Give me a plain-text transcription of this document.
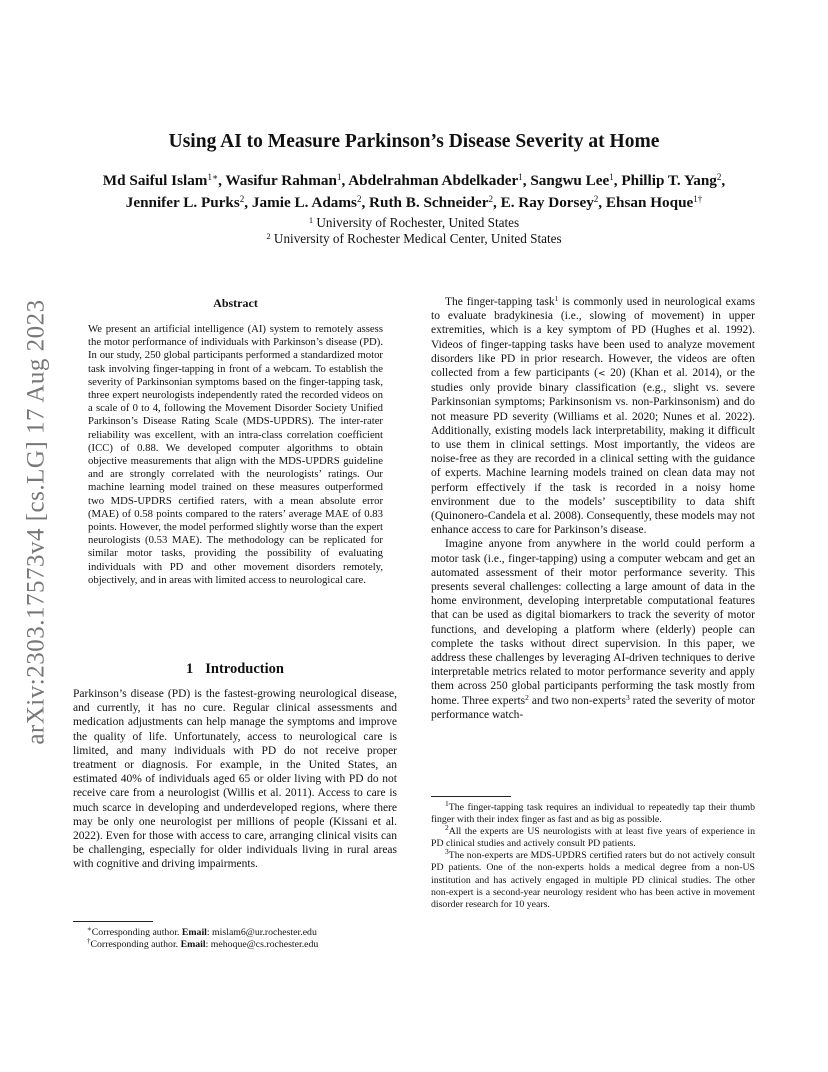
arXiv:2303.17573v4 [cs.LG] 17 Aug 2023
Using AI to Measure Parkinson’s Disease Severity at Home
Md Saiful Islam$^{1∗}$, Wasifur Rahman$^1$, Abdelrahman Abdelkader$^1$, Sangwu Lee$^1$, Phillip T. Yang$^2$,
Jennifer L. Purks$^2$, Jamie L. Adams$^2$, Ruth B. Schneider$^2$, E. Ray Dorsey$^2$, Ehsan Hoque$^{1\dagger}$

$^1$ University of Rochester, United States

$^2$ University of Rochester Medical Center, United States

Abstract

We present an artificial intelligence (AI) system to remotely assess the motor performance of individuals with Parkinson’s disease (PD). In our study, 250 global participants performed a standardized motor task involving finger-tapping in front of a webcam. To establish the severity of Parkinsonian symptoms based on the finger-tapping task, three expert neurologists independently rated the recorded videos on a scale of 0 to 4, following the Movement Disorder Society Unified Parkinson’s Disease Rating Scale (MDS-UPDRS). The inter-rater reliability was excellent, with an intra-class correlation coefficient (ICC) of 0.88. We developed computer algorithms to obtain objective measurements that align with the MDS-UPDRS guideline and are strongly correlated with the neurologists’ ratings. Our machine learning model trained on these measures outperformed two MDS-UPDRS certified raters, with a mean absolute error (MAE) of 0.58 points compared to the raters’ average MAE of 0.83 points. However, the model performed slightly worse than the expert neurologists (0.53 MAE). The methodology can be replicated for similar motor tasks, providing the possibility of evaluating individuals with PD and other movement disorders remotely, objectively, and in areas with limited access to neurological care.

1 Introduction

Parkinson’s disease (PD) is the fastest-growing neurological disease, and currently, it has no cure. Regular clinical assessments and medication adjustments can help manage the symptoms and improve the quality of life. Unfortunately, access to neurological care is limited, and many individuals with PD do not receive proper treatment or diagnosis. For example, in the United States, an estimated 40% of individuals aged 65 or older living with PD do not receive care from a neurologist (Willis et al. 2011). Access to care is much scarce in developing and underdeveloped regions, where there may be only one neurologist per millions of people (Kissani et al. 2022). Even for those with access to care, arranging clinical visits can be challenging, especially for older individuals living in rural areas with cognitive and driving impairments.

∗Corresponding author. Email: mislam6@ur.rochester.edu

†Corresponding author. Email: mehoque@cs.rochester.edu

The finger-tapping task$^1$ is commonly used in neurological exams to evaluate bradykinesia (i.e., slowing of movement) in upper extremities, which is a key symptom of PD (Hughes et al. 1992). Videos of finger-tapping tasks have been used to analyze movement disorders like PD in prior research. However, the videos are often collected from a few participants (< 20) (Khan et al. 2014), or the studies only provide binary classification (e.g., slight vs. severe Parkinsonian symptoms; Parkinsonism vs. non-Parkinsonism) and do not measure PD severity (Williams et al. 2020; Nunes et al. 2022). Additionally, existing models lack interpretability, making it difficult to use them in clinical settings. Most importantly, the videos are noise-free as they are recorded in a clinical setting with the guidance of experts. Machine learning models trained on clean data may not perform effectively if the task is recorded in a noisy home environment due to the models’ susceptibility to data shift (Quinonero-Candela et al. 2008). Consequently, these models may not enhance access to care for Parkinson’s disease.

Imagine anyone from anywhere in the world could perform a motor task (i.e., finger-tapping) using a computer webcam and get an automated assessment of their motor performance severity. This presents several challenges: collecting a large amount of data in the home environment, developing interpretable computational features that can be used as digital biomarkers to track the severity of motor functions, and developing a platform where (elderly) people can complete the tasks without direct supervision. In this paper, we address these challenges by leveraging AI-driven techniques to derive interpretable metrics related to motor performance severity and apply them across 250 global participants performing the task mostly from home. Three experts$^2$ and two non-experts$^3$ rated the severity of motor performance watch-

$^1$The finger-tapping task requires an individual to repeatedly tap their thumb finger with their index finger as fast and as big as possible.

$^2$All the experts are US neurologists with at least five years of experience in PD clinical studies and actively consult PD patients.

$^3$The non-experts are MDS-UPDRS certified raters but do not actively consult PD patients. One of the non-experts holds a medical degree from a non-US institution and has actively engaged in multiple PD clinical studies. The other non-expert is a second-year neurology resident who has been active in movement disorder research for 10 years.
